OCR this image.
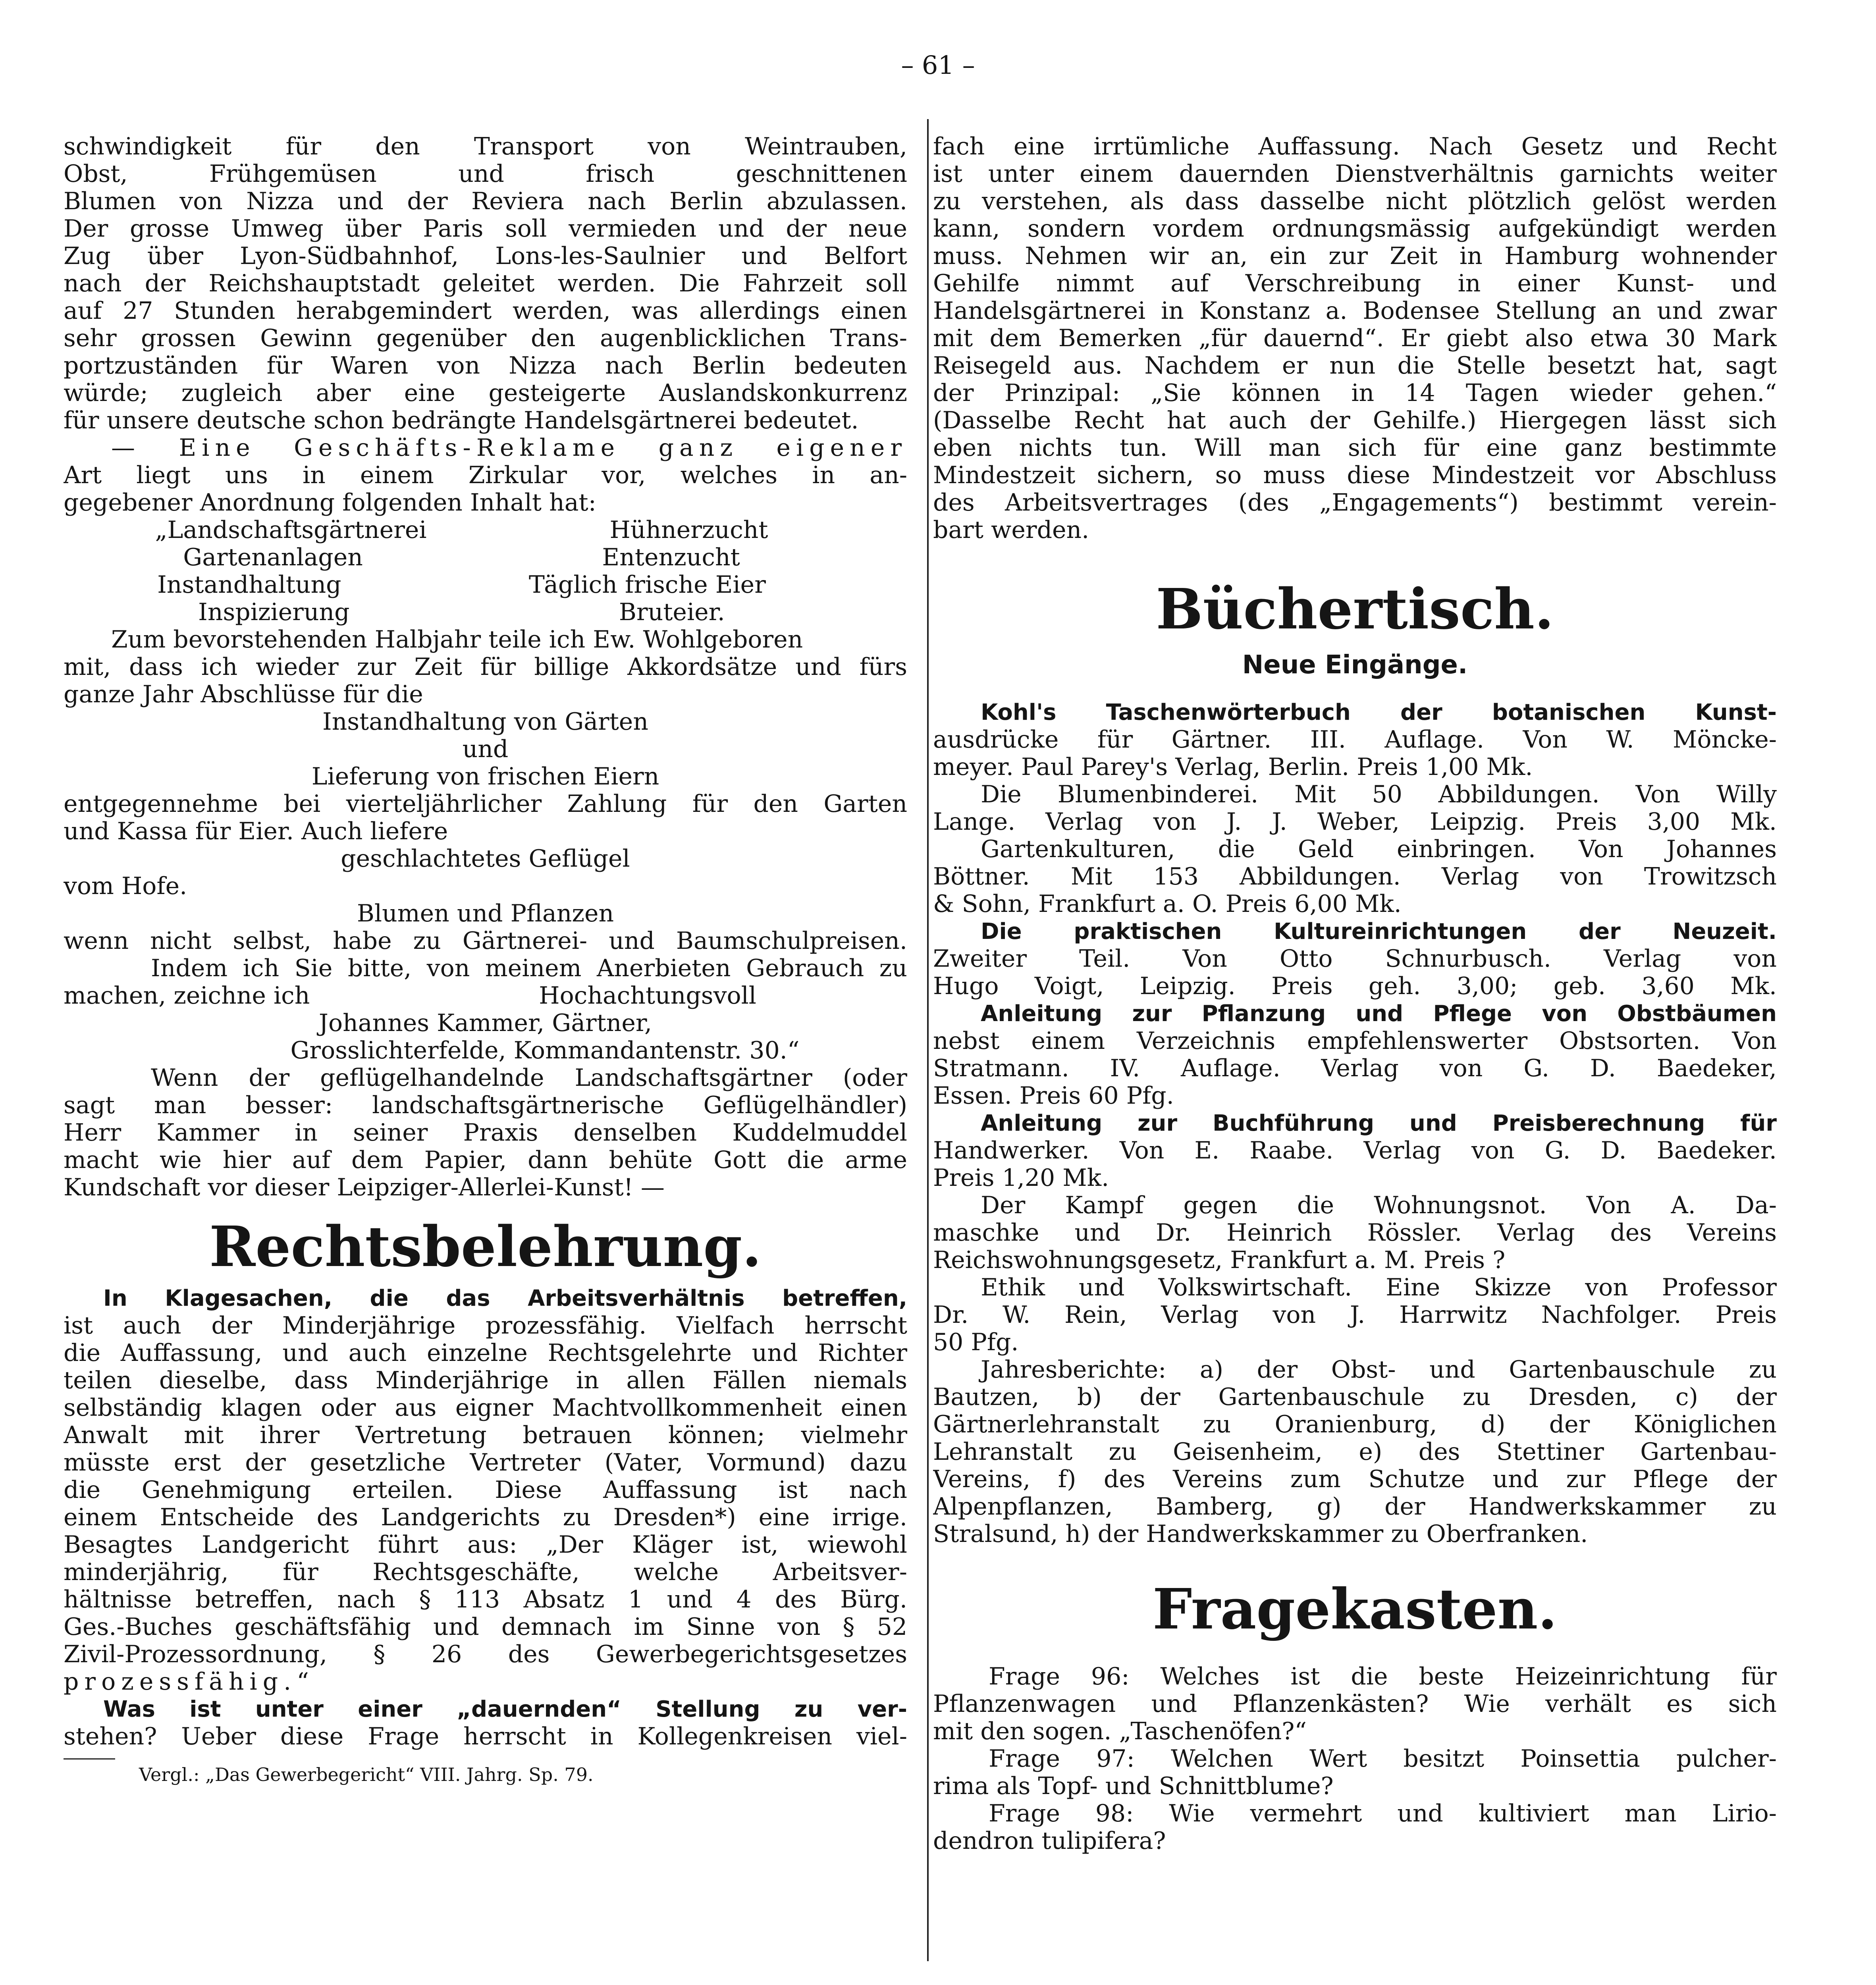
– 61 –

schwindigkeit für den Transport von Weintrauben,

Obst, Frühgemüsen und frisch geschnittenen

Blumen von Nizza und der Reviera nach Berlin abzulassen.

Der grosse Umweg über Paris soll vermieden und der neue

Zug über Lyon-Südbahnhof, Lons-les-Saulnier und Belfort

nach der Reichshauptstadt geleitet werden. Die Fahrzeit soll

auf 27 Stunden herabgemindert werden, was allerdings einen

sehr grossen Gewinn gegenüber den augenblicklichen Trans-

portzuständen für Waren von Nizza nach Berlin bedeuten

würde; zugleich aber eine gesteigerte Auslandskonkurrenz

für unsere deutsche schon bedrängte Handelsgärtnerei bedeutet.

— Eine Geschäfts-Reklame ganz eigener

Art liegt uns in einem Zirkular vor, welches in an-

gegebener Anordnung folgenden Inhalt hat:

„Landschaftsgärtnerei	Hühnerzucht
Gartenanlagen	Entenzucht
Instandhaltung	Täglich frische Eier
Inspizierung	Bruteier.

Zum bevorstehenden Halbjahr teile ich Ew. Wohlgeboren

mit, dass ich wieder zur Zeit für billige Akkordsätze und fürs

ganze Jahr Abschlüsse für die

Instandhaltung von Gärten

und

Lieferung von frischen Eiern

entgegennehme bei vierteljährlicher Zahlung für den Garten

und Kassa für Eier. Auch liefere

geschlachtetes Geflügel

vom Hofe.

Blumen und Pflanzen

wenn nicht selbst, habe zu Gärtnerei- und Baumschulpreisen.

Indem ich Sie bitte, von meinem Anerbieten Gebrauch zu

machen, zeichne ich	Hochachtungsvoll

Johannes Kammer, Gärtner,

Grosslichterfelde, Kommandantenstr. 30.“

Wenn der geflügelhandelnde Landschaftsgärtner (oder

sagt man besser: landschaftsgärtnerische Geflügelhändler)

Herr Kammer in seiner Praxis denselben Kuddelmuddel

macht wie hier auf dem Papier, dann behüte Gott die arme

Kundschaft vor dieser Leipziger-Allerlei-Kunst! —

Rechtsbelehrung.

In Klagesachen, die das Arbeitsverhältnis betreffen,

ist auch der Minderjährige prozessfähig. Vielfach herrscht

die Auffassung, und auch einzelne Rechtsgelehrte und Richter

teilen dieselbe, dass Minderjährige in allen Fällen niemals

selbständig klagen oder aus eigner Machtvollkommenheit einen

Anwalt mit ihrer Vertretung betrauen können; vielmehr

müsste erst der gesetzliche Vertreter (Vater, Vormund) dazu

die Genehmigung erteilen. Diese Auffassung ist nach

einem Entscheide des Landgerichts zu Dresden*) eine irrige.

Besagtes Landgericht führt aus: „Der Kläger ist, wiewohl

minderjährig, für Rechtsgeschäfte, welche Arbeitsver-

hältnisse betreffen, nach § 113 Absatz 1 und 4 des Bürg.

Ges.-Buches geschäftsfähig und demnach im Sinne von § 52

Zivil-Prozessordnung, § 26 des Gewerbegerichtsgesetzes

prozessfähig.“

Was ist unter einer „dauernden“ Stellung zu ver-

stehen? Ueber diese Frage herrscht in Kollegenkreisen viel-

Vergl.: „Das Gewerbegericht“ VIII. Jahrg. Sp. 79.

fach eine irrtümliche Auffassung. Nach Gesetz und Recht

ist unter einem dauernden Dienstverhältnis garnichts weiter

zu verstehen, als dass dasselbe nicht plötzlich gelöst werden

kann, sondern vordem ordnungsmässig aufgekündigt werden

muss. Nehmen wir an, ein zur Zeit in Hamburg wohnender

Gehilfe nimmt auf Verschreibung in einer Kunst- und

Handelsgärtnerei in Konstanz a. Bodensee Stellung an und zwar

mit dem Bemerken „für dauernd“. Er giebt also etwa 30 Mark

Reisegeld aus. Nachdem er nun die Stelle besetzt hat, sagt

der Prinzipal: „Sie können in 14 Tagen wieder gehen.“

(Dasselbe Recht hat auch der Gehilfe.) Hiergegen lässt sich

eben nichts tun. Will man sich für eine ganz bestimmte

Mindestzeit sichern, so muss diese Mindestzeit vor Abschluss

des Arbeitsvertrages (des „Engagements“) bestimmt verein-

bart werden.

Büchertisch.
Neue Eingänge.

Kohl's Taschenwörterbuch der botanischen Kunst-

ausdrücke für Gärtner. III. Auflage. Von W. Möncke-

meyer. Paul Parey's Verlag, Berlin. Preis 1,00 Mk.

Die Blumenbinderei. Mit 50 Abbildungen. Von Willy

Lange. Verlag von J. J. Weber, Leipzig. Preis 3,00 Mk.

Gartenkulturen, die Geld einbringen. Von Johannes

Böttner. Mit 153 Abbildungen. Verlag von Trowitzsch

& Sohn, Frankfurt a. O. Preis 6,00 Mk.

Die praktischen Kultureinrichtungen der Neuzeit.

Zweiter Teil. Von Otto Schnurbusch. Verlag von

Hugo Voigt, Leipzig. Preis geh. 3,00; geb. 3,60 Mk.

Anleitung zur Pflanzung und Pflege von Obstbäumen

nebst einem Verzeichnis empfehlenswerter Obstsorten. Von

Stratmann. IV. Auflage. Verlag von G. D. Baedeker,

Essen. Preis 60 Pfg.

Anleitung zur Buchführung und Preisberechnung für

Handwerker. Von E. Raabe. Verlag von G. D. Baedeker.

Preis 1,20 Mk.

Der Kampf gegen die Wohnungsnot. Von A. Da-

maschke und Dr. Heinrich Rössler. Verlag des Vereins

Reichswohnungsgesetz, Frankfurt a. M. Preis ?

Ethik und Volkswirtschaft. Eine Skizze von Professor

Dr. W. Rein, Verlag von J. Harrwitz Nachfolger. Preis

50 Pfg.

Jahresberichte: a) der Obst- und Gartenbauschule zu

Bautzen, b) der Gartenbauschule zu Dresden, c) der

Gärtnerlehranstalt zu Oranienburg, d) der Königlichen

Lehranstalt zu Geisenheim, e) des Stettiner Gartenbau-

Vereins, f) des Vereins zum Schutze und zur Pflege der

Alpenpflanzen, Bamberg, g) der Handwerkskammer zu

Stralsund, h) der Handwerkskammer zu Oberfranken.

Fragekasten.

Frage 96: Welches ist die beste Heizeinrichtung für

Pflanzenwagen und Pflanzenkästen? Wie verhält es sich

mit den sogen. „Taschenöfen?“

Frage 97: Welchen Wert besitzt Poinsettia pulcher-

rima als Topf- und Schnittblume?

Frage 98: Wie vermehrt und kultiviert man Lirio-

dendron tulipifera?
